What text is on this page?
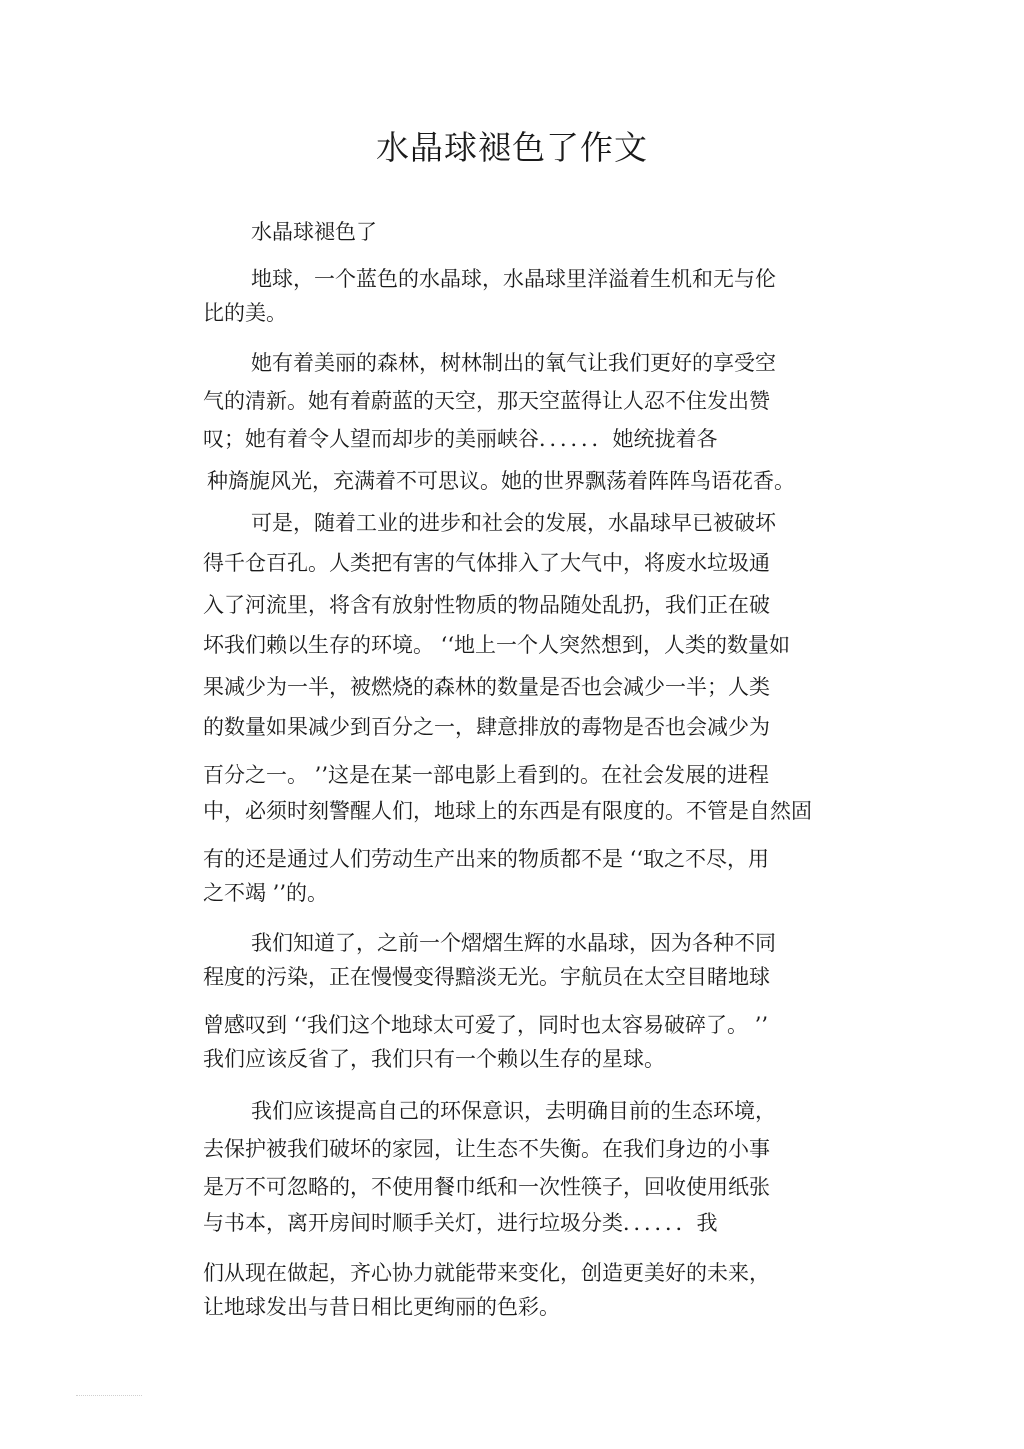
水晶球褪色了作文
水晶球褪色了
地球，一个蓝色的水晶球，水晶球里洋溢着生机和无与伦
比的美。
她有着美丽的森林，树林制出的氧气让我们更好的享受空
气的清新。她有着蔚蓝的天空，那天空蓝得让人忍不住发出赞
叹；她有着令人望而却步的美丽峡谷．．．．．．她统拢着各
种旖旎风光，充满着不可思议。她的世界飘荡着阵阵鸟语花香。
可是，随着工业的进步和社会的发展，水晶球早已被破坏
得千仓百孔。人类把有害的气体排入了大气中，将废水垃圾通
入了河流里，将含有放射性物质的物品随处乱扔，我们正在破
坏我们赖以生存的环境。 ‘‘地上一个人突然想到，人类的数量如
果减少为一半，被燃烧的森林的数量是否也会减少一半；人类
的数量如果减少到百分之一，肆意排放的毒物是否也会减少为
百分之一。 ’’这是在某一部电影上看到的。在社会发展的进程
中，必须时刻警醒人们，地球上的东西是有限度的。不管是自然固
有的还是通过人们劳动生产出来的物质都不是 ‘‘取之不尽，用
之不竭 ’’的。
我们知道了，之前一个熠熠生辉的水晶球，因为各种不同
程度的污染，正在慢慢变得黯淡无光。宇航员在太空目睹地球
曾感叹到 ‘‘我们这个地球太可爱了，同时也太容易破碎了。 ’’
我们应该反省了，我们只有一个赖以生存的星球。
我们应该提高自己的环保意识，去明确目前的生态环境，
去保护被我们破坏的家园，让生态不失衡。在我们身边的小事
是万不可忽略的，不使用餐巾纸和一次性筷子，回收使用纸张
与书本，离开房间时顺手关灯，进行垃圾分类．．．．．．我
们从现在做起，齐心协力就能带来变化，创造更美好的未来，
让地球发出与昔日相比更绚丽的色彩。
